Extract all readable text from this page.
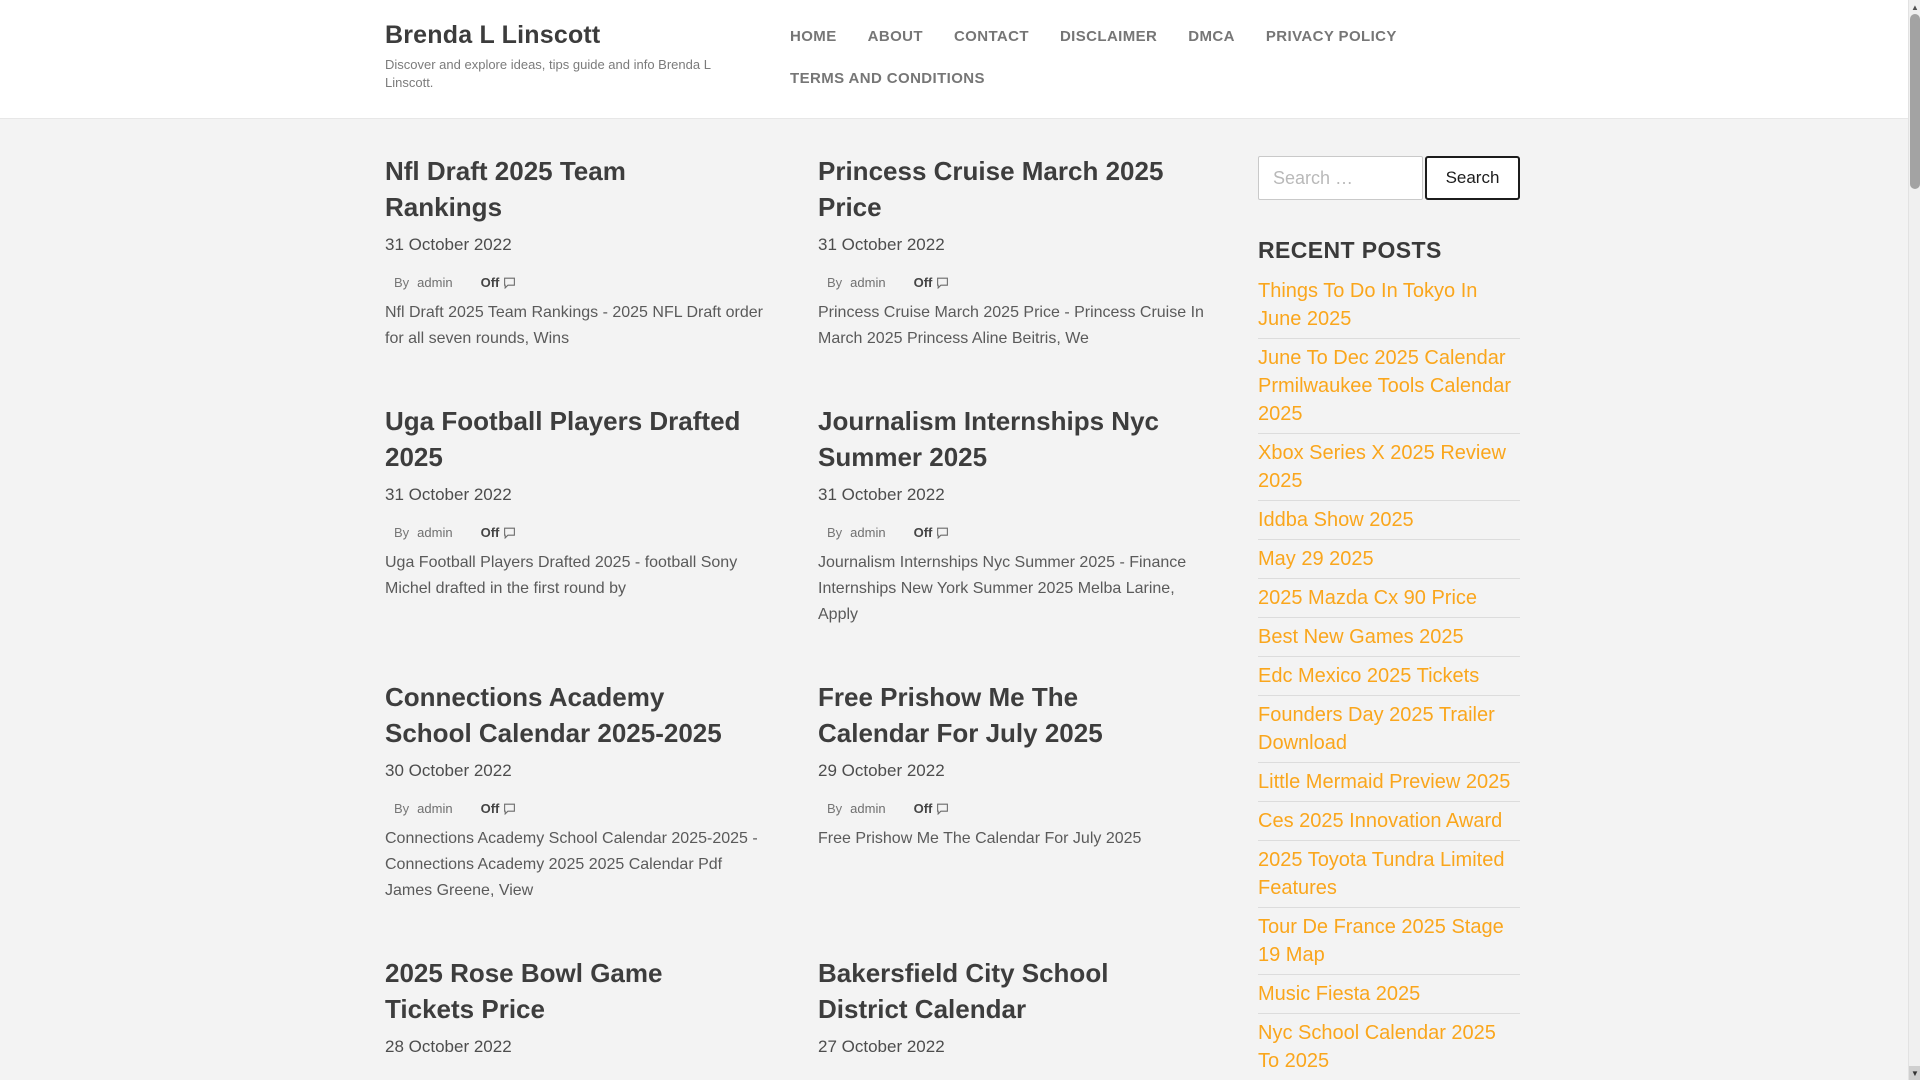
Brenda L Linscott

Discover and explore ideas, tips guide and info Brenda L Linscott.

HOME ABOUT CONTACT DISCLAIMER DMCA PRIVACY POLICY
TERMS AND CONDITIONS
Nfl Draft 2025 Team Rankings
31 October 2022
By admin Off

Nfl Draft 2025 Team Rankings - 2025 NFL Draft order for all seven rounds, Wins

Princess Cruise March 2025 Price
31 October 2022
By admin Off

Princess Cruise March 2025 Price - Princess Cruise In March 2025 Princess Aline Beitris, We

Uga Football Players Drafted 2025
31 October 2022
By admin Off

Uga Football Players Drafted 2025 - football Sony Michel drafted in the first round by

Journalism Internships Nyc Summer 2025
31 October 2022
By admin Off

Journalism Internships Nyc Summer 2025 - Finance Internships New York Summer 2025 Melba Larine, Apply

Connections Academy School Calendar 2025-2025
30 October 2022
By admin Off

Connections Academy School Calendar 2025-2025 - Connections Academy 2025 2025 Calendar Pdf James Greene, View

Free Prishow Me The Calendar For July 2025
29 October 2022
By admin Off

Free Prishow Me The Calendar For July 2025

2025 Rose Bowl Game Tickets Price
28 October 2022
Bakersfield City School District Calendar
27 October 2022
Search …
Search
RECENT POSTS
Things To Do In Tokyo In June 2025
June To Dec 2025 Calendar Prmilwaukee Tools Calendar 2025
Xbox Series X 2025 Review 2025
Iddba Show 2025
May 29 2025
2025 Mazda Cx 90 Price
Best New Games 2025
Edc Mexico 2025 Tickets
Founders Day 2025 Trailer Download
Little Mermaid Preview 2025
Ces 2025 Innovation Award
2025 Toyota Tundra Limited Features
Tour De France 2025 Stage 19 Map
Music Fiesta 2025
Nyc School Calendar 2025 To 2025
▲
▼
